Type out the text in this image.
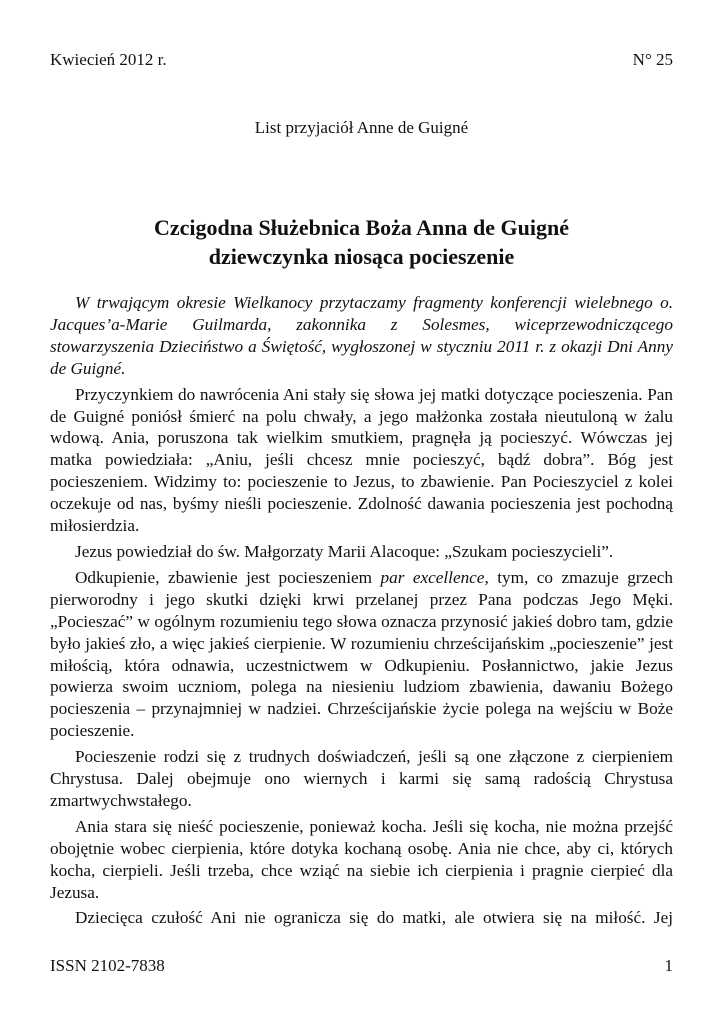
Kwiecień 2012 r.	N° 25
List przyjaciół Anne de Guigné
Czcigodna Służebnica Boża Anna de Guigné
dziewczynka niosąca pocieszenie

W trwającym okresie Wielkanocy przytaczamy fragmenty konferencji wielebnego o. Jacques’a-Marie Guilmarda, zakonnika z Solesmes, wiceprzewodniczącego stowarzyszenia Dzieciństwo a Świętość, wygłoszonej w styczniu 2011 r. z okazji Dni Anny de Guigné.

Przyczynkiem do nawrócenia Ani stały się słowa jej matki dotyczące pocieszenia. Pan de Guigné poniósł śmierć na polu chwały, a jego małżonka została nieutuloną w żalu wdową. Ania, poruszona tak wielkim smutkiem, pragnęła ją pocieszyć. Wówczas jej matka powiedziała: „Aniu, jeśli chcesz mnie pocieszyć, bądź dobra”. Bóg jest pocieszeniem. Widzimy to: pocieszenie to Jezus, to zbawienie. Pan Pocieszyciel z kolei oczekuje od nas, byśmy nieśli pocieszenie. Zdolność dawania pocieszenia jest pochodną miłosierdzia.

Jezus powiedział do św. Małgorzaty Marii Alacoque: „Szukam pocieszycieli”.

Odkupienie, zbawienie jest pocieszeniem par excellence, tym, co zmazuje grzech pierworodny i jego skutki dzięki krwi przelanej przez Pana podczas Jego Męki. „Pocieszać” w ogólnym rozumieniu tego słowa oznacza przynosić jakieś dobro tam, gdzie było jakieś zło, a więc jakieś cierpienie. W rozumieniu chrześcijańskim „pocieszenie” jest miłością, która odnawia, uczestnictwem w Odkupieniu. Posłannictwo, jakie Jezus powierza swoim uczniom, polega na niesieniu ludziom zbawienia, dawaniu Bożego pocieszenia – przynajmniej w nadziei. Chrześcijańskie życie polega na wejściu w Boże pocieszenie.

Pocieszenie rodzi się z trudnych doświadczeń, jeśli są one złączone z cierpieniem Chrystusa. Dalej obejmuje ono wiernych i karmi się samą radością Chrystusa zmartwychwstałego.

Ania stara się nieść pocieszenie, ponieważ kocha. Jeśli się kocha, nie można przejść obojętnie wobec cierpienia, które dotyka kochaną osobę. Ania nie chce, aby ci, których kocha, cierpieli. Jeśli trzeba, chce wziąć na siebie ich cierpienia i pragnie cierpieć dla Jezusa.

Dziecięca czułość Ani nie ogranicza się do matki, ale otwiera się na miłość. Jej

ISSN 2102-7838	1
